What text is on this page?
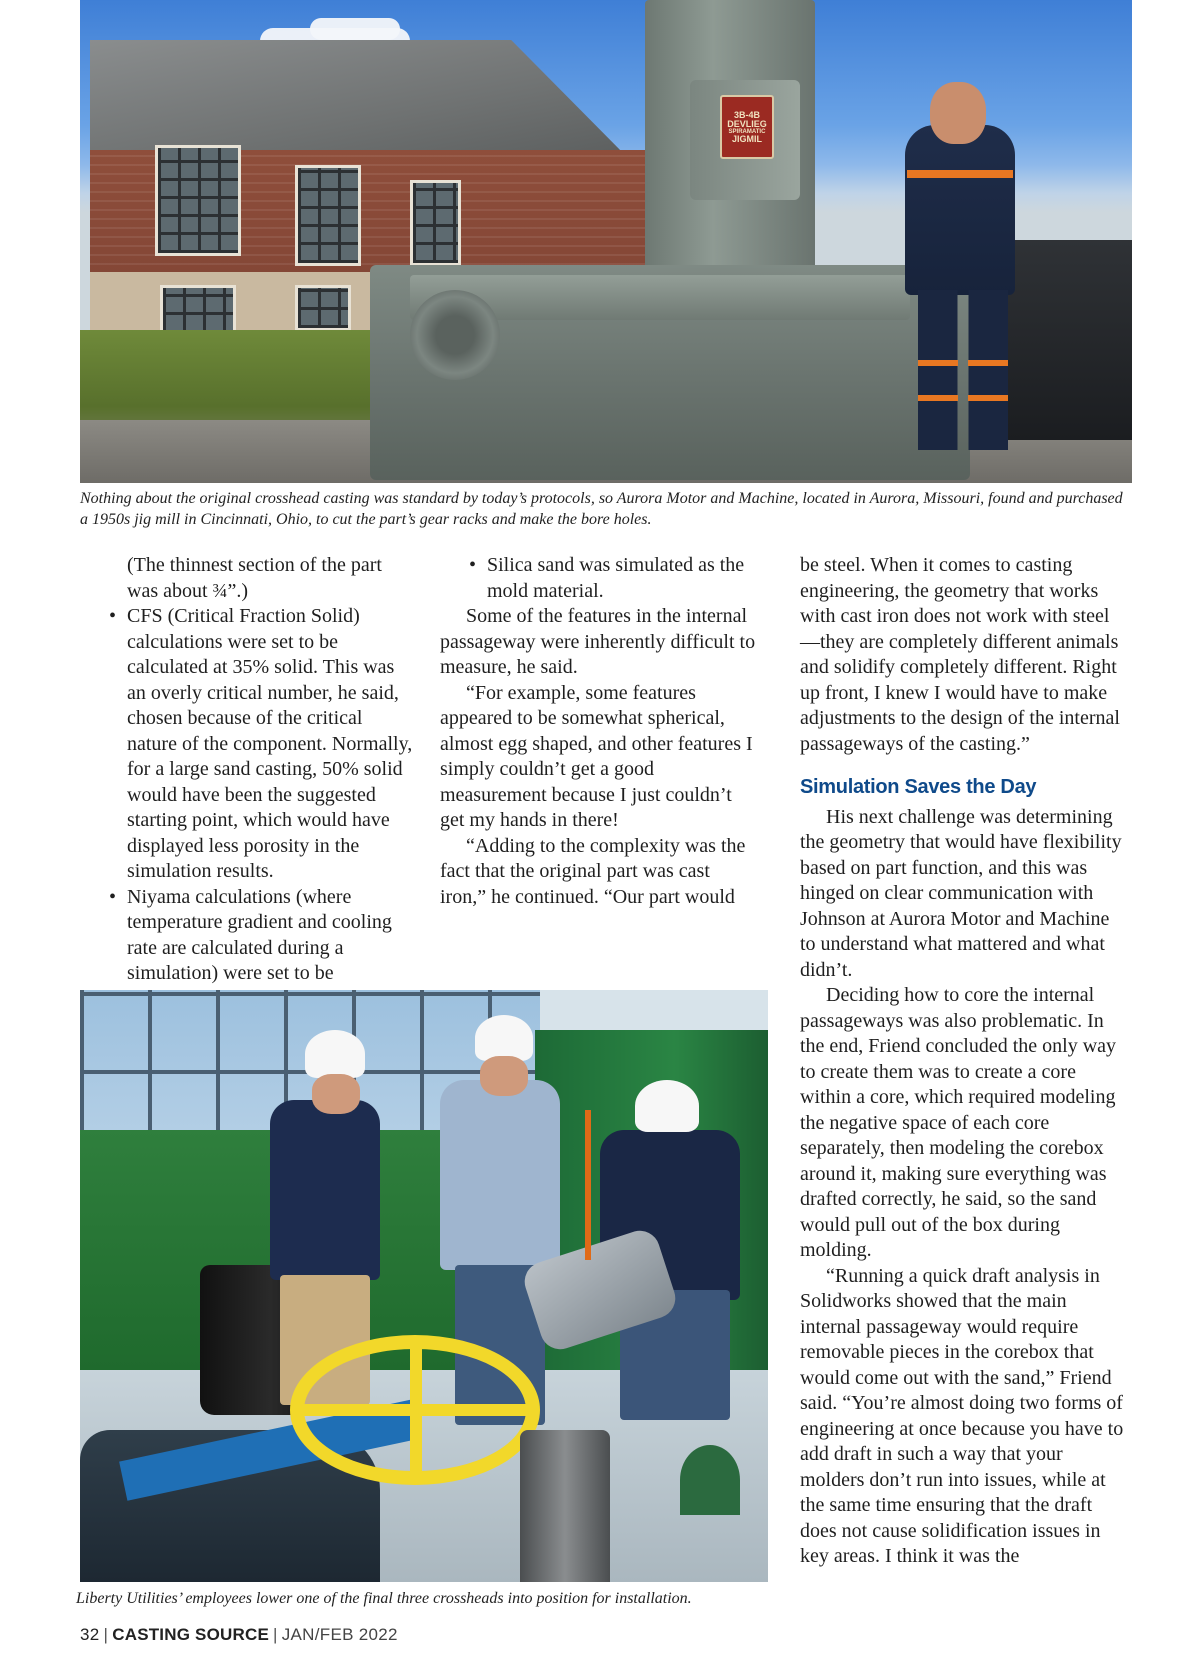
3B-4B
DEVLIEG
SPIRAMATIC
JIGMIL

Nothing about the original crosshead casting was standard by today’s protocols, so Aurora Motor and Machine, located in Aurora, Missouri, found and purchased a 1950s jig mill in Cincinnati, Ohio, to cut the part’s gear racks and make the bore holes.

(The thinnest section of the part was about ¾”.)

• CFS (Critical Fraction Solid) calculations were set to be calculated at 35% solid. This was an overly critical number, he said, chosen because of the critical nature of the component. Normally, for a large sand casting, 50% solid would have been the suggested starting point, which would have displayed less porosity in the simulation results.
• Niyama calculations (where temperature gradient and cooling rate are calculated during a simulation) were set to be
• Silica sand was simulated as the mold material.

Some of the features in the internal passageway were inherently difficult to measure, he said.

“For example, some features appeared to be somewhat spherical, almost egg shaped, and other features I simply couldn’t get a good measurement because I just couldn’t get my hands in there!

“Adding to the complexity was the fact that the original part was cast iron,” he continued. “Our part would

be steel. When it comes to casting engineering, the geometry that works with cast iron does not work with steel—they are completely different animals and solidify completely different. Right up front, I knew I would have to make adjustments to the design of the internal passageways of the casting.”

Simulation Saves the Day

His next challenge was determining the geometry that would have flexibility based on part function, and this was hinged on clear communication with Johnson at Aurora Motor and Machine to understand what mattered and what didn’t.

Deciding how to core the internal passageways was also problematic. In the end, Friend concluded the only way to create them was to create a core within a core, which required modeling the negative space of each core separately, then modeling the corebox around it, making sure everything was drafted correctly, he said, so the sand would pull out of the box during molding.

“Running a quick draft analysis in Solidworks showed that the main internal passageway would require removable pieces in the corebox that would come out with the sand,” Friend said. “You’re almost doing two forms of engineering at once because you have to add draft in such a way that your molders don’t run into issues, while at the same time ensuring that the draft does not cause solidification issues in key areas. I think it was the

Liberty Utilities’ employees lower one of the final three crossheads into position for installation.

32 | CASTING SOURCE | JAN/FEB 2022
